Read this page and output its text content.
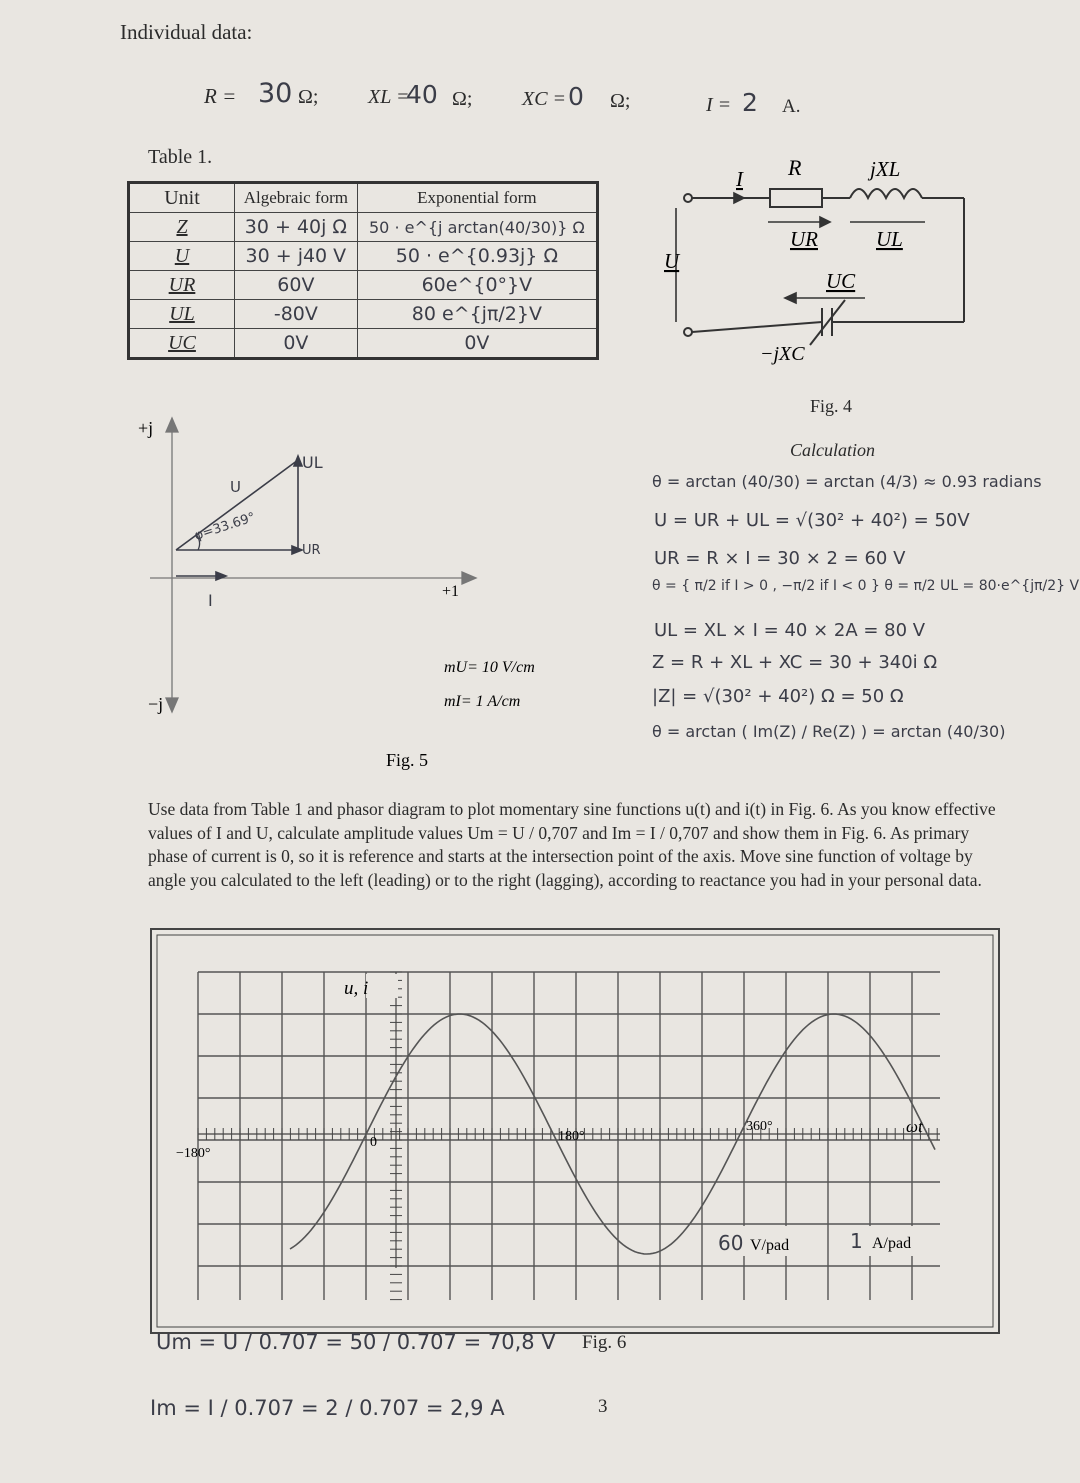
Individual data:
R = 30 Ω; XL =
40 Ω; XC = 0 Ω;	I = 2 A.
Table 1.
Unit	Algebraic form	Exponential form
Z	30 + 40j Ω	50 · e^{j arctan(40/30)} Ω
U	30 + j40 V	50 · e^{0.93j} Ω
UR	60V	60e^{0°}V
UL	-80V	80 e^{jπ/2}V
UC	0V	0V
I R	jXL
U
UR	UL
UC
−jXC
Fig. 4
+j
−j
+1
UL
U
UR
φ=33.69°
I
mU= 10 V/cm
mI= 1 A/cm
Fig. 5
Calculation
θ = arctan (40/30) = arctan (4/3) ≈ 0.93 radians
U = UR + UL = √(30² + 40²) = 50V
UR = R × I = 30 × 2 = 60 V
θ = { π/2 if I > 0 , −π/2 if I < 0 } θ = π/2 UL = 80·e^{jπ/2} V
UL = XL × I = 40 × 2A = 80 V
Z = R + XL + XC = 30 + 340i Ω
|Z| = √(30² + 40²) Ω = 50 Ω
θ = arctan ( Im(Z) / Re(Z) ) = arctan (40/30)

Use data from Table 1 and phasor diagram to plot momentary sine functions u(t) and i(t) in Fig. 6. As you know effective values of I and U, calculate amplitude values Um = U / 0,707 and Im = I / 0,707 and show them in Fig. 6. As primary phase of current is 0, so it is reference and starts at the intersection point of the axis. Move sine function of voltage by angle you calculated to the left (leading) or to the right (lagging), according to reactance you had in your personal data.

u, i
ωt
−180°
0	180°
360°
60 V/pad	1 A/pad
Fig. 6
Um = U / 0.707 = 50 / 0.707 = 70,8 V
Im = I / 0.707 = 2 / 0.707 = 2,9 A	3
